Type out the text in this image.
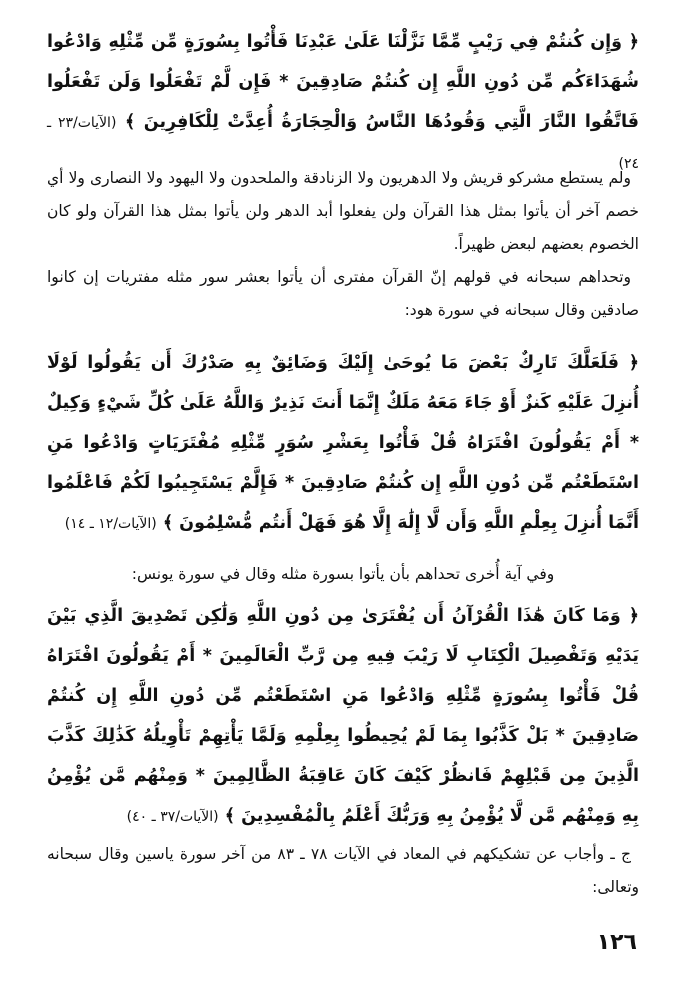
﴿ وَإِن كُنتُمْ فِي رَيْبٍ مِّمَّا نَزَّلْنَا عَلَىٰ عَبْدِنَا فَأْتُوا بِسُورَةٍ مِّن مِّثْلِهِ وَادْعُوا شُهَدَاءَكُم مِّن دُونِ اللَّهِ إِن كُنتُمْ صَادِقِينَ * فَإِن لَّمْ تَفْعَلُوا وَلَن تَفْعَلُوا فَاتَّقُوا النَّارَ الَّتِي وَقُودُهَا النَّاسُ وَالْحِجَارَةُ أُعِدَّتْ لِلْكَافِرِينَ ﴾ (الآيات/٢٣ ـ ٢٤)
ولم يستطع مشركو قريش ولا الدهريون ولا الزنادقة والملحدون ولا اليهود ولا النصارى ولا أي خصم آخر أن يأتوا بمثل هذا القرآن ولن يفعلوا أبد الدهر ولن يأتوا بمثل هذا القرآن ولو كان الخصوم بعضهم لبعض ظهيراً.
وتحداهم سبحانه في قولهم إنّ القرآن مفترى أن يأتوا بعشر سور مثله مفتريات إن كانوا صادقين وقال سبحانه في سورة هود:
﴿ فَلَعَلَّكَ تَارِكٌ بَعْضَ مَا يُوحَىٰ إِلَيْكَ وَضَائِقٌ بِهِ صَدْرُكَ أَن يَقُولُوا لَوْلَا أُنزِلَ عَلَيْهِ كَنزٌ أَوْ جَاءَ مَعَهُ مَلَكٌ إِنَّمَا أَنتَ نَذِيرٌ وَاللَّهُ عَلَىٰ كُلِّ شَيْءٍ وَكِيلٌ * أَمْ يَقُولُونَ افْتَرَاهُ قُلْ فَأْتُوا بِعَشْرِ سُوَرٍ مِّثْلِهِ مُفْتَرَيَاتٍ وَادْعُوا مَنِ اسْتَطَعْتُم مِّن دُونِ اللَّهِ إِن كُنتُمْ صَادِقِينَ * فَإِلَّمْ يَسْتَجِيبُوا لَكُمْ فَاعْلَمُوا أَنَّمَا أُنزِلَ بِعِلْمِ اللَّهِ وَأَن لَّا إِلَٰهَ إِلَّا هُوَ فَهَلْ أَنتُم مُّسْلِمُونَ ﴾ (الآيات/١٢ ـ ١٤)
وفي آية أُخرى تحداهم بأن يأتوا بسورة مثله وقال في سورة يونس:
﴿ وَمَا كَانَ هَٰذَا الْقُرْآنُ أَن يُفْتَرَىٰ مِن دُونِ اللَّهِ وَلَٰكِن تَصْدِيقَ الَّذِي بَيْنَ يَدَيْهِ وَتَفْصِيلَ الْكِتَابِ لَا رَيْبَ فِيهِ مِن رَّبِّ الْعَالَمِينَ * أَمْ يَقُولُونَ افْتَرَاهُ قُلْ فَأْتُوا بِسُورَةٍ مِّثْلِهِ وَادْعُوا مَنِ اسْتَطَعْتُم مِّن دُونِ اللَّهِ إِن كُنتُمْ صَادِقِينَ * بَلْ كَذَّبُوا بِمَا لَمْ يُحِيطُوا بِعِلْمِهِ وَلَمَّا يَأْتِهِمْ تَأْوِيلُهُ كَذَٰلِكَ كَذَّبَ الَّذِينَ مِن قَبْلِهِمْ فَانظُرْ كَيْفَ كَانَ عَاقِبَةُ الظَّالِمِينَ * وَمِنْهُم مَّن يُؤْمِنُ بِهِ وَمِنْهُم مَّن لَّا يُؤْمِنُ بِهِ وَرَبُّكَ أَعْلَمُ بِالْمُفْسِدِينَ ﴾ (الآيات/٣٧ ـ ٤٠)
ج ـ وأجاب عن تشكيكهم في المعاد في الآيات ٧٨ ـ ٨٣ من آخر سورة ياسين وقال سبحانه وتعالى:
١٢٦
